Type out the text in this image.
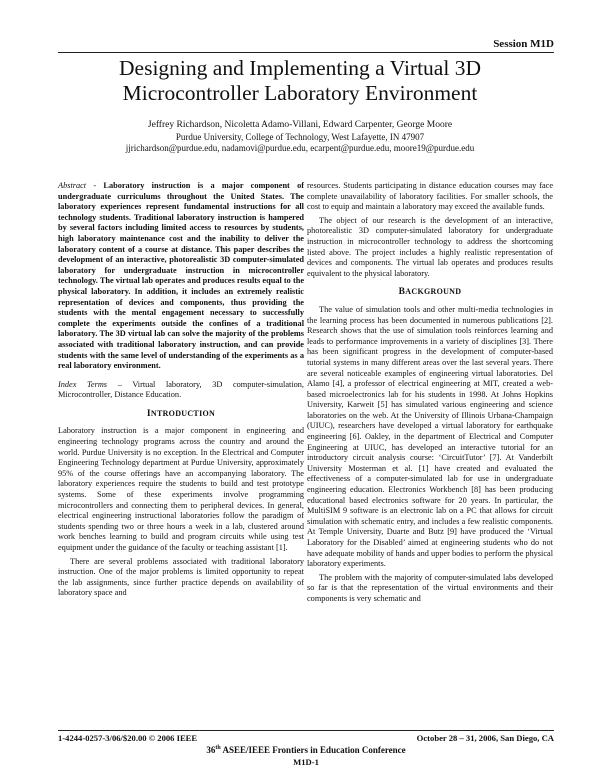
Session M1D
Designing and Implementing a Virtual 3D
Microcontroller Laboratory Environment
Jeffrey Richardson, Nicoletta Adamo-Villani, Edward Carpenter, George Moore
Purdue University, College of Technology, West Lafayette, IN 47907
jjrichardson@purdue.edu, nadamovi@purdue.edu, ecarpent@purdue.edu, moore19@purdue.edu

Abstract - Laboratory instruction is a major component of undergraduate curriculums throughout the United States. The laboratory experiences represent fundamental instructions for all technology students. Traditional laboratory instruction is hampered by several factors including limited access to resources by students, high laboratory maintenance cost and the inability to deliver the laboratory content of a course at distance. This paper describes the development of an interactive, photorealistic 3D computer-simulated laboratory for undergraduate instruction in microcontroller technology. The virtual lab operates and produces results equal to the physical laboratory. In addition, it includes an extremely realistic representation of devices and components, thus providing the students with the mental engagement necessary to successfully complete the experiments outside the confines of a traditional laboratory. The 3D virtual lab can solve the majority of the problems associated with traditional laboratory instruction, and can provide students with the same level of understanding of the experiments as a real laboratory environment.

Index Terms – Virtual laboratory, 3D computer-simulation, Microcontroller, Distance Education.

INTRODUCTION

Laboratory instruction is a major component in engineering and engineering technology programs across the country and around the world. Purdue University is no exception. In the Electrical and Computer Engineering Technology department at Purdue University, approximately 95% of the course offerings have an accompanying laboratory. The laboratory experiences require the students to build and test prototype systems. Some of these experiments involve programming microcontrollers and connecting them to peripheral devices. In general, electrical engineering instructional laboratories follow the paradigm of students spending two or three hours a week in a lab, clustered around work benches learning to build and program circuits while using test equipment under the guidance of the faculty or teaching assistant [1].

There are several problems associated with traditional laboratory instruction. One of the major problems is limited opportunity to repeat the lab assignments, since further practice depends on availability of laboratory space and

resources. Students participating in distance education courses may face complete unavailability of laboratory facilities. For smaller schools, the cost to equip and maintain a laboratory may exceed the available funds.

The object of our research is the development of an interactive, photorealistic 3D computer-simulated laboratory for undergraduate instruction in microcontroller technology to address the shortcoming listed above. The project includes a highly realistic representation of devices and components. The virtual lab operates and produces results equivalent to the physical laboratory.

BACKGROUND

The value of simulation tools and other multi-media technologies in the learning process has been documented in numerous publications [2]. Research shows that the use of simulation tools reinforces learning and leads to performance improvements in a variety of disciplines [3]. There has been significant progress in the development of computer-based tutorial systems in many different areas over the last several years. There are several noticeable examples of engineering virtual laboratories. Del Alamo [4], a professor of electrical engineering at MIT, created a web-based microelectronics lab for his students in 1998. At Johns Hopkins University, Karweit [5] has simulated various engineering and science laboratories on the web. At the University of Illinois Urbana-Champaign (UIUC), researchers have developed a virtual laboratory for earthquake engineering [6]. Oakley, in the department of Electrical and Computer Engineering at UIUC, has developed an interactive tutorial for an introductory circuit analysis course: ‘CircuitTutor’ [7]. At Vanderbilt University Mosterman et al. [1] have created and evaluated the effectiveness of a computer-simulated lab for use in undergraduate engineering education. Electronics Workbench [8] has been producing educational based electronics software for 20 years. In particular, the MultiSIM 9 software is an electronic lab on a PC that allows for circuit simulation with schematic entry, and includes a few realistic components. At Temple University, Duarte and Butz [9] have produced the ‘Virtual Laboratory for the Disabled’ aimed at engineering students who do not have adequate mobility of hands and upper bodies to perform the physical laboratory experiments.

The problem with the majority of computer-simulated labs developed so far is that the representation of the virtual environments and their components is very schematic and

1-4244-0257-3/06/$20.00 © 2006 IEEE	October 28 – 31, 2006, San Diego, CA
36th ASEE/IEEE Frontiers in Education Conference
M1D-1
